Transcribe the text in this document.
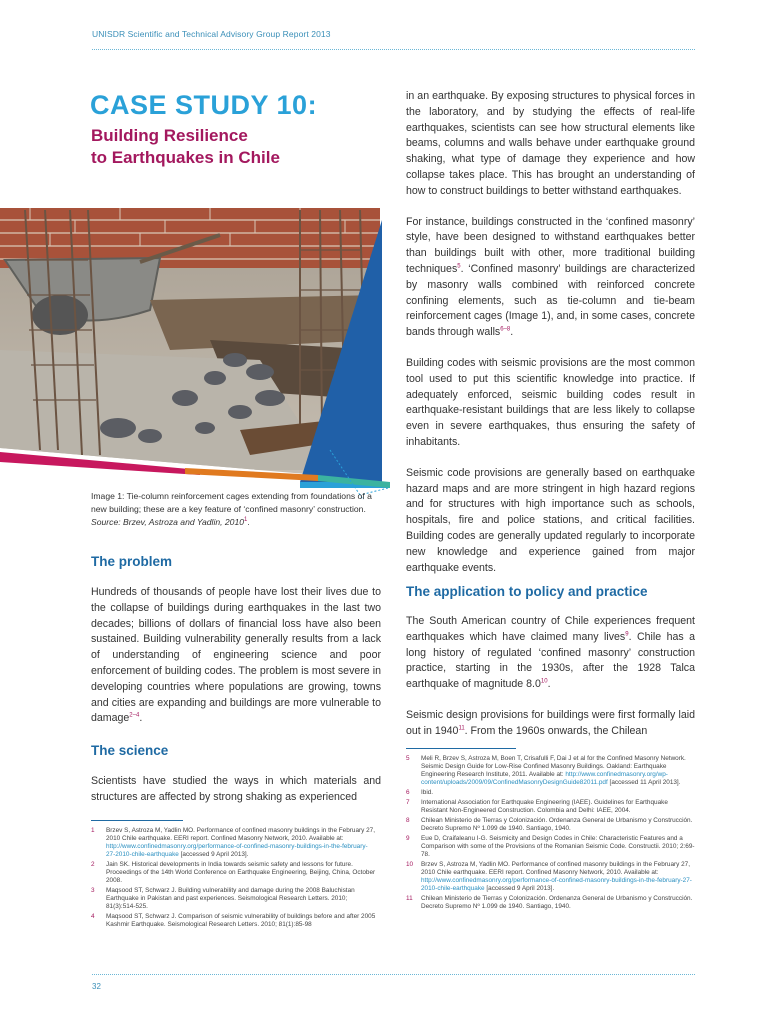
UNISDR Scientific and Technical Advisory Group Report 2013
CASE STUDY 10:
Building Resilience
to Earthquakes in Chile
Image 1: Tie-column reinforcement cages extending from foundations of a new building; these are a key feature of ‘confined masonry’ construction. Source: Brzev, Astroza and Yadlin, 2010$^1$.
The problem

Hundreds of thousands of people have lost their lives due to the collapse of buildings during earthquakes in the last two decades; billions of dollars of financial loss have also been sustained. Building vulnerability generally results from a lack of understanding of engineering science and poor enforcement of building codes. The problem is most severe in developing countries where populations are growing, towns and cities are expanding and buildings are more vulnerable to damage$^{2-4}$.

The science

Scientists have studied the ways in which materials and structures are affected by strong shaking as experienced

1	Brzev S, Astroza M, Yadlin MO. Performance of confined masonry buildings in the February 27, 2010 Chile earthquake. EERI report. Confined Masonry Network, 2010. Available at: http://www.confinedmasonry.org/performance-of-confined-masonry-buildings-in-the-february-27-2010-chile-earthquake [accessed 9 April 2013].
2	Jain SK. Historical developments in India towards seismic safety and lessons for future. Proceedings of the 14th World Conference on Earthquake Engineering, Beijing, China, October 2008.
3	Maqsood ST, Schwarz J. Building vulnerability and damage during the 2008 Baluchistan Earthquake in Pakistan and past experiences. Seismological Research Letters. 2010; 81(3):514-525.
4	Maqsood ST, Schwarz J. Comparison of seismic vulnerability of buildings before and after 2005 Kashmir Earthquake. Seismological Research Letters. 2010; 81(1):85-98

in an earthquake. By exposing structures to physical forces in the laboratory, and by studying the effects of real-life earthquakes, scientists can see how structural elements like beams, columns and walls behave under earthquake ground shaking, what type of damage they experience and how collapse takes place. This has brought an understanding of how to construct buildings to better withstand earthquakes.

For instance, buildings constructed in the ‘confined masonry’ style, have been designed to withstand earthquakes better than buildings built with other, more traditional building techniques$^5$. ‘Confined masonry’ buildings are characterized by masonry walls combined with reinforced concrete confining elements, such as tie-column and tie-beam reinforcement cages (Image 1), and, in some cases, concrete bands through walls$^{6-8}$.

Building codes with seismic provisions are the most common tool used to put this scientific knowledge into practice. If adequately enforced, seismic building codes result in earthquake-resistant buildings that are less likely to collapse even in severe earthquakes, thus ensuring the safety of inhabitants.

Seismic code provisions are generally based on earthquake hazard maps and are more stringent in high hazard regions and for structures with high importance such as schools, hospitals, fire and police stations, and critical facilities. Building codes are generally updated regularly to incorporate new knowledge and experience gained from major earthquake events.

The application to policy and practice

The South American country of Chile experiences frequent earthquakes which have claimed many lives$^9$. Chile has a long history of regulated ‘confined masonry’ construction practice, starting in the 1930s, after the 1928 Talca earthquake of magnitude $8.0^{10}$.

Seismic design provisions for buildings were first formally laid out in 1940$^{11}$. From the 1960s onwards, the Chilean

5	Meli R, Brzev S, Astroza M, Boen T, Crisafulli F, Dai J et al for the Confined Masonry Network. Seismic Design Guide for Low-Rise Confined Masonry Buildings. Oakland: Earthquake Engineering Research Institute, 2011. Available at: http://www.confinedmasonry.org/wp-content/uploads/2009/09/ConfinedMasonryDesignGuide82011.pdf [accessed 11 April 2013].
6	Ibid.
7	International Association for Earthquake Engineering (IAEE). Guidelines for Earthquake Resistant Non-Engineered Construction. Colombia and Delhi: IAEE, 2004.
8	Chilean Ministerio de Tierras y Colonización. Ordenanza General de Urbanismo y Construcción. Decreto Supremo Nº 1.099 de 1940. Santiago, 1940.
9	Eue D, Craifaleanu I-G. Seismicity and Design Codes in Chile: Characteristic Features and a Comparison with some of the Provisions of the Romanian Seismic Code. Constructii. 2010; 2:69-78.
10	Brzev S, Astroza M, Yadlin MO. Performance of confined masonry buildings in the February 27, 2010 Chile earthquake. EERI report. Confined Masonry Network, 2010. Available at: http://www.confinedmasonry.org/performance-of-confined-masonry-buildings-in-the-february-27-2010-chile-earthquake [accessed 9 April 2013].
11	Chilean Ministerio de Tierras y Colonización. Ordenanza General de Urbanismo y Construcción. Decreto Supremo Nº 1.099 de 1940. Santiago, 1940.
32
